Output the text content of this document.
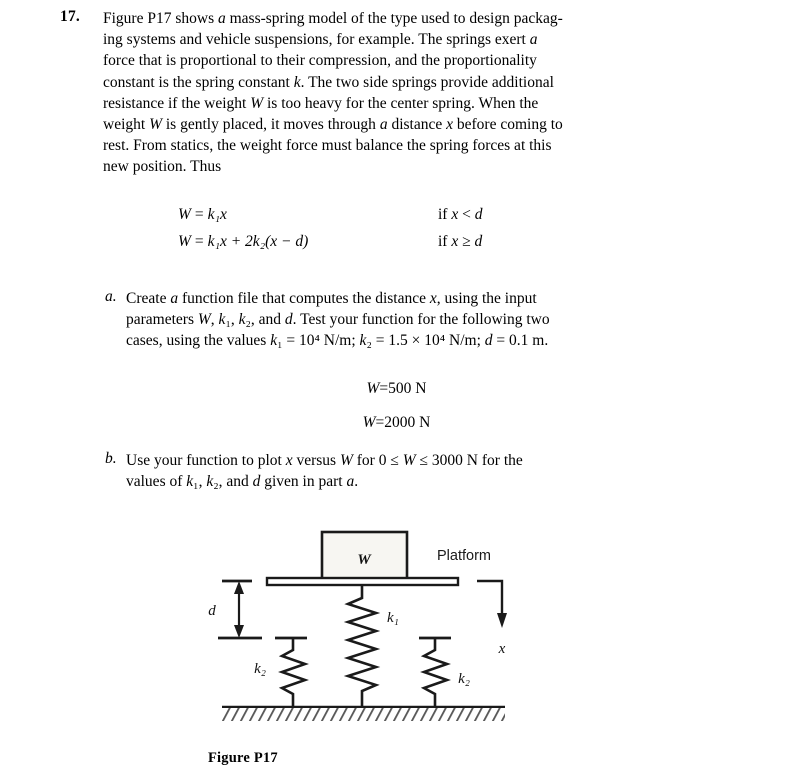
17. Figure P17 shows a mass-spring model of the type used to design packag-

ing systems and vehicle suspensions, for example. The springs exert a

force that is proportional to their compression, and the proportionality

constant is the spring constant k. The two side springs provide additional

resistance if the weight W is too heavy for the center spring. When the

weight W is gently placed, it moves through a distance x before coming to

rest. From statics, the weight force must balance the spring forces at this

new position. Thus

W = k₁x	if x < d
W = k₁x + 2k₂(x − d)	if x ≥ d
a. Create a function file that computes the distance x, using the input

parameters W, k₁, k₂, and d. Test your function for the following two

cases, using the values k₁ = 10⁴ N/m; k₂ = 1.5 × 10⁴ N/m; d = 0.1 m.

W=500 N
W=2000 N
b. Use your function to plot x versus W for 0 ≤ W ≤ 3000 N for the

values of k₁, k₂, and d given in part a.

W	Platform
x
d	k₁
k₂
k₂
Figure P17
